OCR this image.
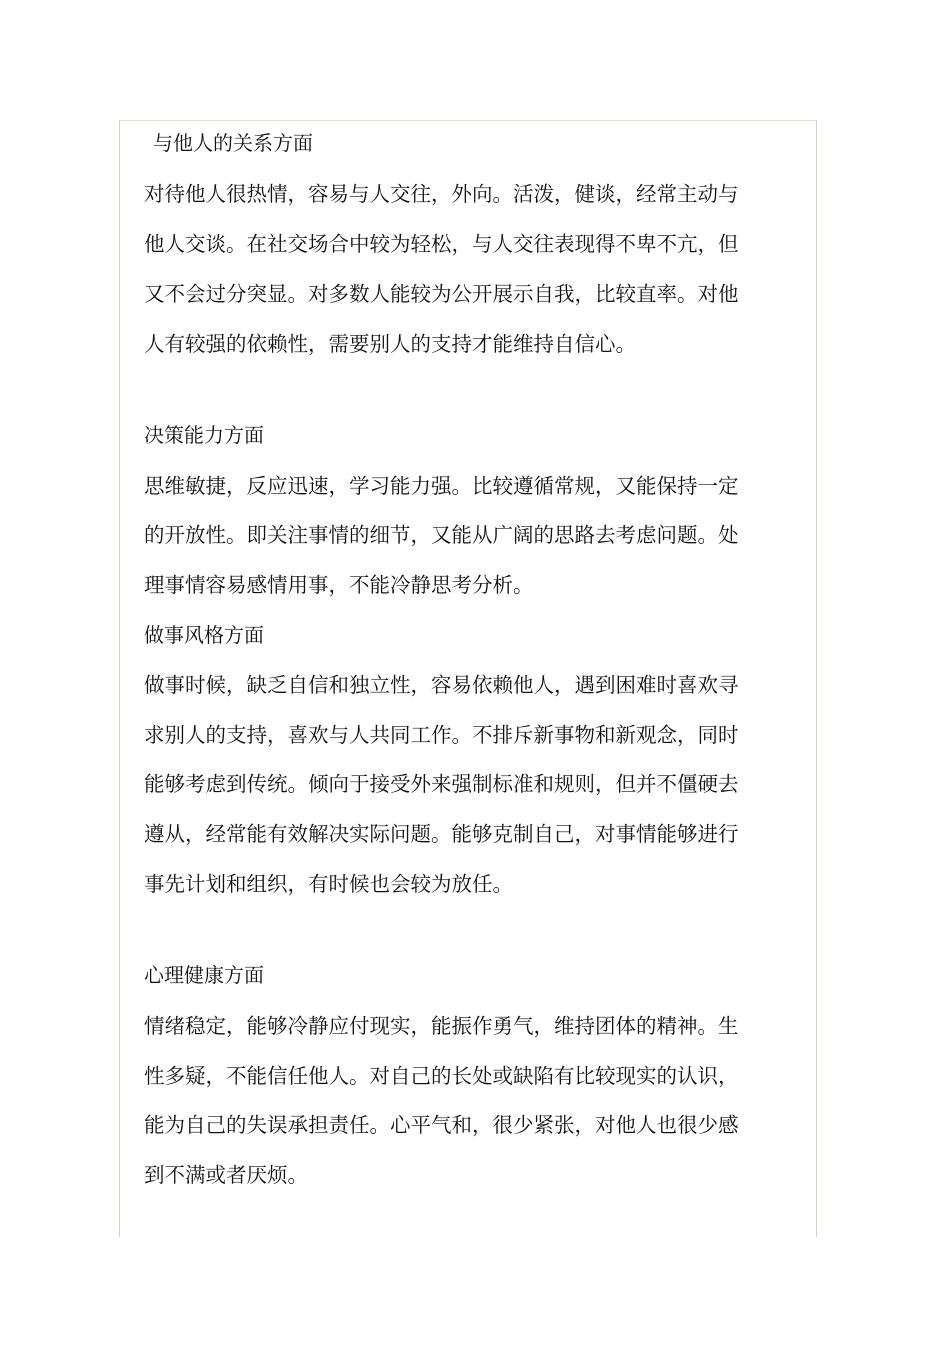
与他人的关系方面
对待他人很热情，容易与人交往，外向。活泼，健谈，经常主动与
他人交谈。在社交场合中较为轻松，与人交往表现得不卑不亢，但
又不会过分突显。对多数人能较为公开展示自我，比较直率。对他
人有较强的依赖性，需要别人的支持才能维持自信心。
决策能力方面
思维敏捷，反应迅速，学习能力强。比较遵循常规，又能保持一定
的开放性。即关注事情的细节，又能从广阔的思路去考虑问题。处
理事情容易感情用事，不能冷静思考分析。
做事风格方面
做事时候，缺乏自信和独立性，容易依赖他人，遇到困难时喜欢寻
求别人的支持，喜欢与人共同工作。不排斥新事物和新观念，同时
能够考虑到传统。倾向于接受外来强制标准和规则，但并不僵硬去
遵从，经常能有效解决实际问题。能够克制自己，对事情能够进行
事先计划和组织，有时候也会较为放任。
心理健康方面
情绪稳定，能够冷静应付现实，能振作勇气，维持团体的精神。生
性多疑，不能信任他人。对自己的长处或缺陷有比较现实的认识，
能为自己的失误承担责任。心平气和，很少紧张，对他人也很少感
到不满或者厌烦。
